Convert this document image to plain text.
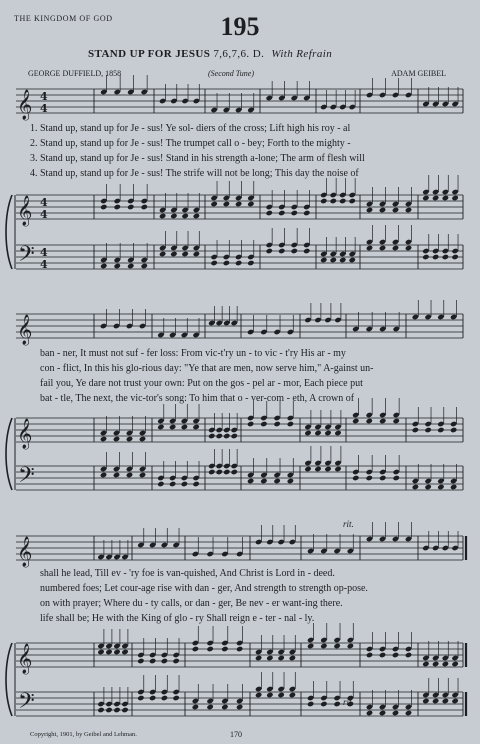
THE KINGDOM OF GOD	195
STAND UP FOR JESUS 7,6,7,6. D. With Refrain
GEORGE DUFFIELD, 1858	(Second Tune)	ADAM GEIBEL
𝄞
𝄞
𝄢
4
4
4
4
4
4
𝄞
𝄞
𝄢
𝄞
𝄞
𝄢
1. Stand up, stand up for Je - sus! Ye sol- diers of the cross; Lift high his roy - al
2. Stand up, stand up for Je - sus! The trumpet call o - bey; Forth to the mighty -
3. Stand up, stand up for Je - sus! Stand in his strength a-lone; The arm of flesh will
4. Stand up, stand up for Je - sus! The strife will not be long; This day the noise of
ban - ner, It must not suf - fer loss: From vic-t'ry un - to vic - t'ry His ar - my
con - flict, In this his glo-rious day: "Ye that are men, now serve him," A-gainst un-
fail you, Ye dare not trust your own: Put on the gos - pel ar - mor, Each piece put
bat - tle, The next, the vic-tor's song: To him that o - ver-com - eth, A crown of
shall he lead, Till ev - 'ry foe is van-quished, And Christ is Lord in - deed.
numbered foes; Let cour-age rise with dan - ger, And strength to strength op-pose.
on with prayer; Where du - ty calls, or dan - ger, Be nev - er want-ing there.
life shall be; He with the King of glo - ry Shall reign e - ter - nal - ly.
rit.
rit.
Copyright, 1901, by Geibel and Lehman.	170
